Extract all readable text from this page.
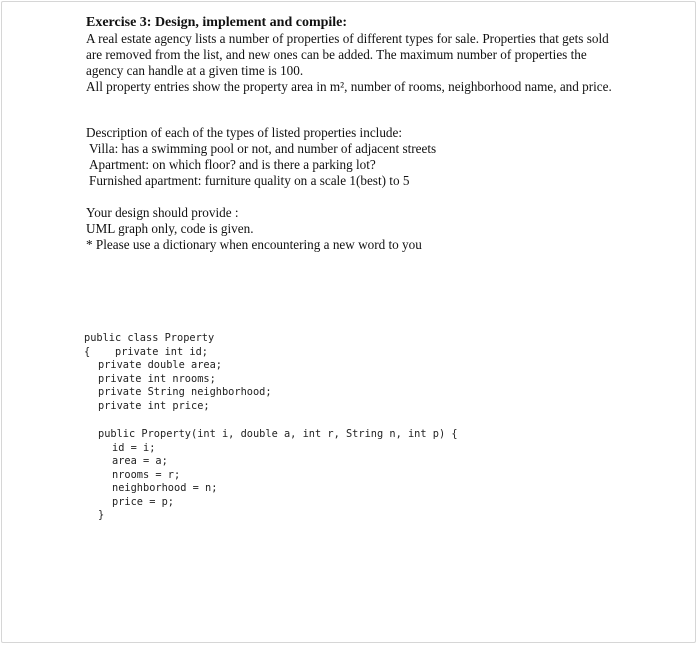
Exercise 3: Design, implement and compile:

A real estate agency lists a number of properties of different types for sale. Properties that gets sold are removed from the list, and new ones can be added. The maximum number of properties the agency can handle at a given time is 100.

All property entries show the property area in m², number of rooms, neighborhood name, and price.

Description of each of the types of listed properties include:
Villa: has a swimming pool or not, and number of adjacent streets
Apartment: on which floor? and is there a parking lot?
Furnished apartment: furniture quality on a scale 1(best) to 5
Your design should provide :
UML graph only, code is given.
* Please use a dictionary when encountering a new word to you
public class Property
{    private int id;
private double area;
private int nrooms;
private String neighborhood;
private int price;
public Property(int i, double a, int r, String n, int p) {
id = i;
area = a;
nrooms = r;
neighborhood = n;
price = p;
}
